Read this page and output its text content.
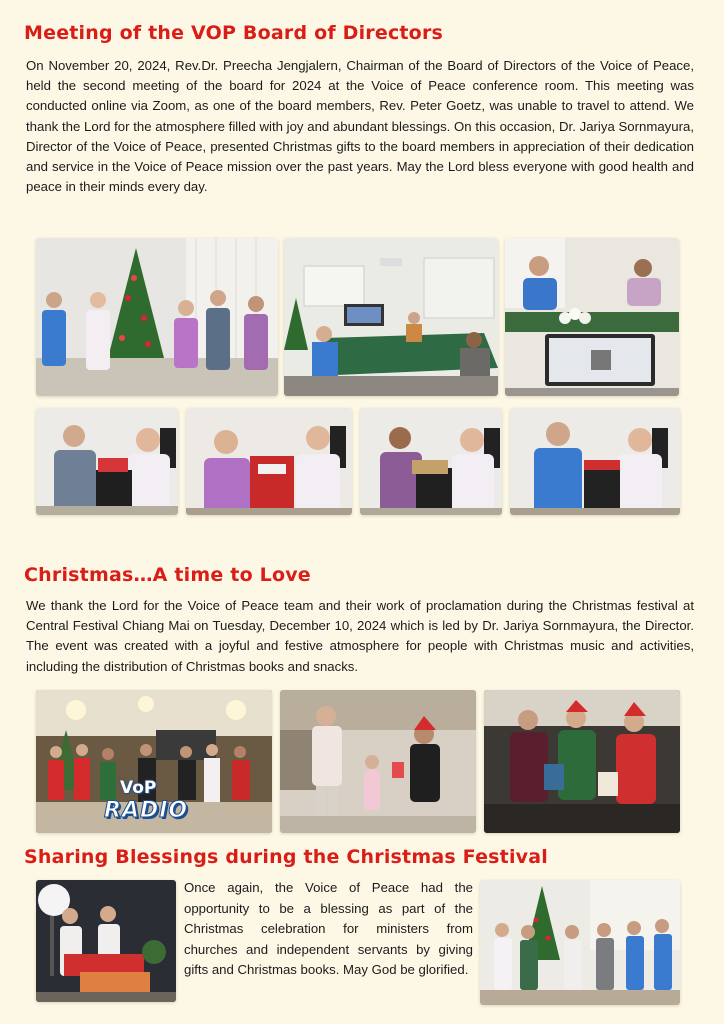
Meeting of the VOP Board of Directors

On November 20, 2024, Rev.Dr. Preecha Jengjalern, Chairman of the Board of Directors of the Voice of Peace, held the second meeting of the board for 2024 at the Voice of Peace conference room. This meeting was conducted online via Zoom, as one of the board members, Rev. Peter Goetz, was unable to travel to attend. We thank the Lord for the atmosphere filled with joy and abundant blessings. On this occasion, Dr. Jariya Sornmayura, Director of the Voice of Peace, presented Christmas gifts to the board members in appreciation of their dedication and service in the Voice of Peace mission over the past years. May the Lord bless everyone with good health and peace in their minds every day.

Christmas…A time to Love

We thank the Lord for the Voice of Peace team and their work of proclamation during the Christmas festival at Central Festival Chiang Mai on Tuesday, December 10, 2024 which is led by Dr. Jariya Sornmayura, the Director. The event was created with a joyful and festive atmosphere for people with Christmas music and activities, including the distribution of Christmas books and snacks.

VoP
RADIO
Sharing Blessings during the Christmas Festival

Once again, the Voice of Peace had the opportunity to be a blessing as part of the Christmas celebration for ministers from churches and independent servants by giving gifts and Christmas books. May God be glorified.
